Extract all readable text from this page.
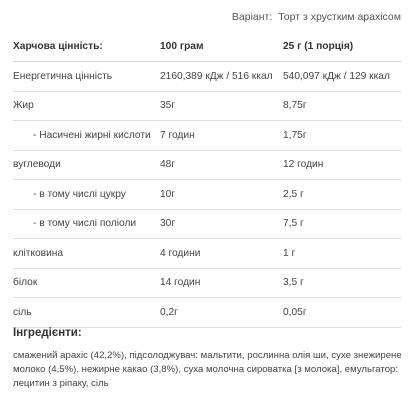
Варіант: Торт з хрустким арахісом
Харчова цінність:	100 грам	25 г (1 порція)
Енергетична цінність	2160,389 кДж / 516 ккал	540,097 кДж / 129 ккал
Жир	35г	8,75г
- Насичені жирні кислоти	7 годин	1,75г
вуглеводи	48г	12 годин
- в тому числі цукру	10г	2,5 г
- в тому числі поліоли	30г	7,5 г
клітковина	4 години	1 г
білок	14 годин	3,5 г
сіль	0,2г	0,05г
Інгредієнти:

смажений арахіс (42,2%), підсолоджувач: мальтити, рослинна олія ши, сухе знежирене молоко (4,5%), нежирне какао (3,8%), суха молочна сироватка [з молока], емульгатор: лецитин з ріпаку, сіль
